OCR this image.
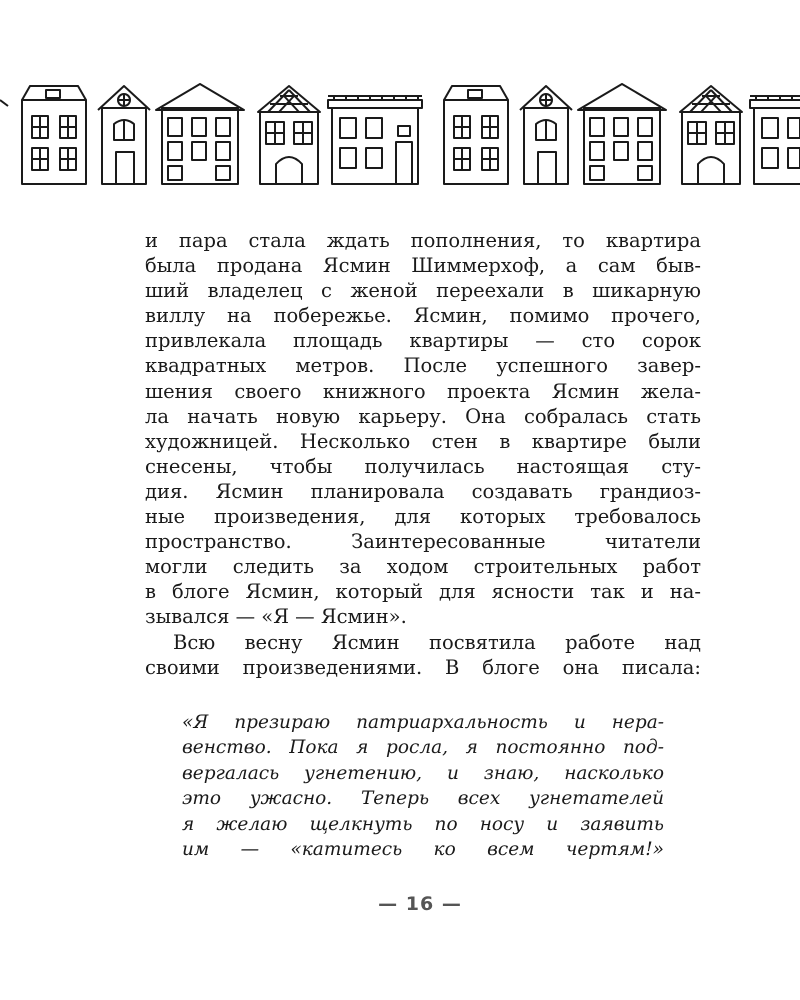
и пара стала ждать пополнения, то квартира
была продана Ясмин Шиммерхоф, а сам быв-
ший владелец с женой переехали в шикарную
виллу на побережье. Ясмин, помимо прочего,
привлекала площадь квартиры — сто сорок
квадратных метров. После успешного завер-
шения своего книжного проекта Ясмин жела-
ла начать новую карьеру. Она собралась стать
художницей. Несколько стен в квартире были
снесены, чтобы получилась настоящая сту-
дия. Ясмин планировала создавать грандиоз-
ные произведения, для которых требовалось
пространство. Заинтересованные читатели
могли следить за ходом строительных работ
в блоге Ясмин, который для ясности так и на-
зывался — «Я — Ясмин».
Всю весну Ясмин посвятила работе над
своими произведениями. В блоге она писала:
«Я презираю патриархальность и нера-
венство. Пока я росла, я постоянно под-
вергалась угнетению, и знаю, насколько
это ужасно. Теперь всех угнетателей
я желаю щелкнуть по носу и заявить
им — «катитесь ко всем чертям!»
— 16 —
